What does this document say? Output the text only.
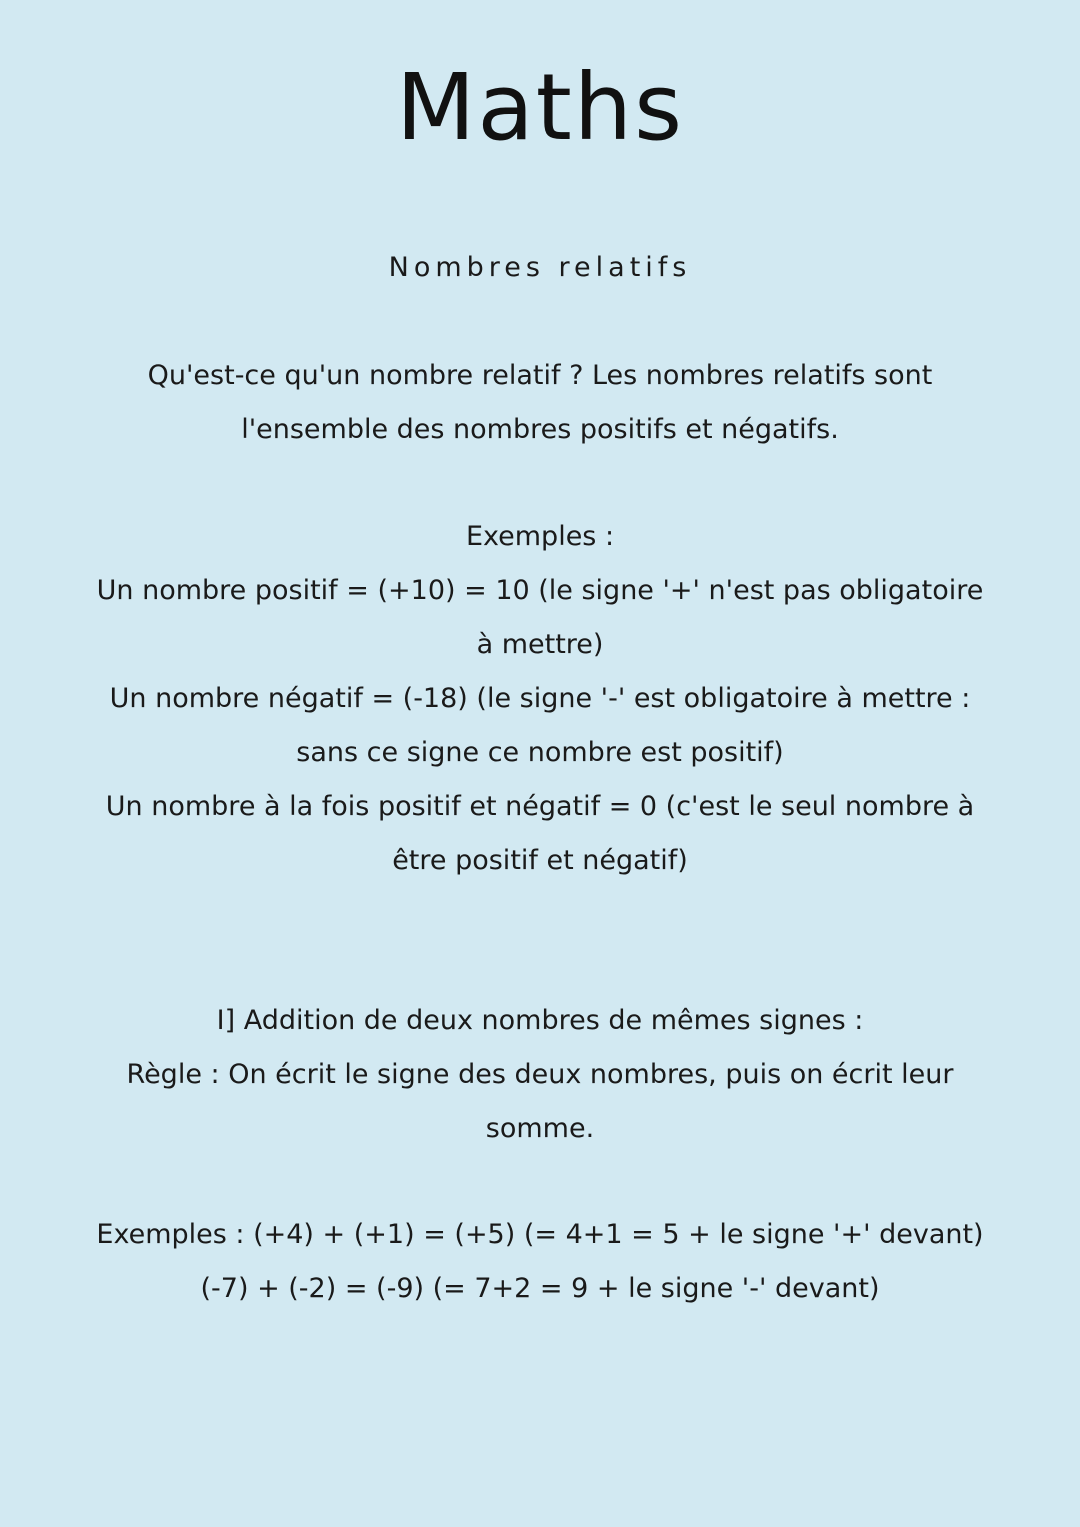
Maths
Nombres relatifs
Qu'est-ce qu'un nombre relatif ? Les nombres relatifs sont
l'ensemble des nombres positifs et négatifs.
Exemples :
Un nombre positif = (+10) = 10 (le signe '+' n'est pas obligatoire
à mettre)
Un nombre négatif = (-18) (le signe '-' est obligatoire à mettre :
sans ce signe ce nombre est positif)
Un nombre à la fois positif et négatif = 0 (c'est le seul nombre à
être positif et négatif)
I] Addition de deux nombres de mêmes signes :
Règle : On écrit le signe des deux nombres, puis on écrit leur
somme.
Exemples : (+4) + (+1) = (+5) (= 4+1 = 5 + le signe '+' devant)
(-7) + (-2) = (-9) (= 7+2 = 9 + le signe '-' devant)
